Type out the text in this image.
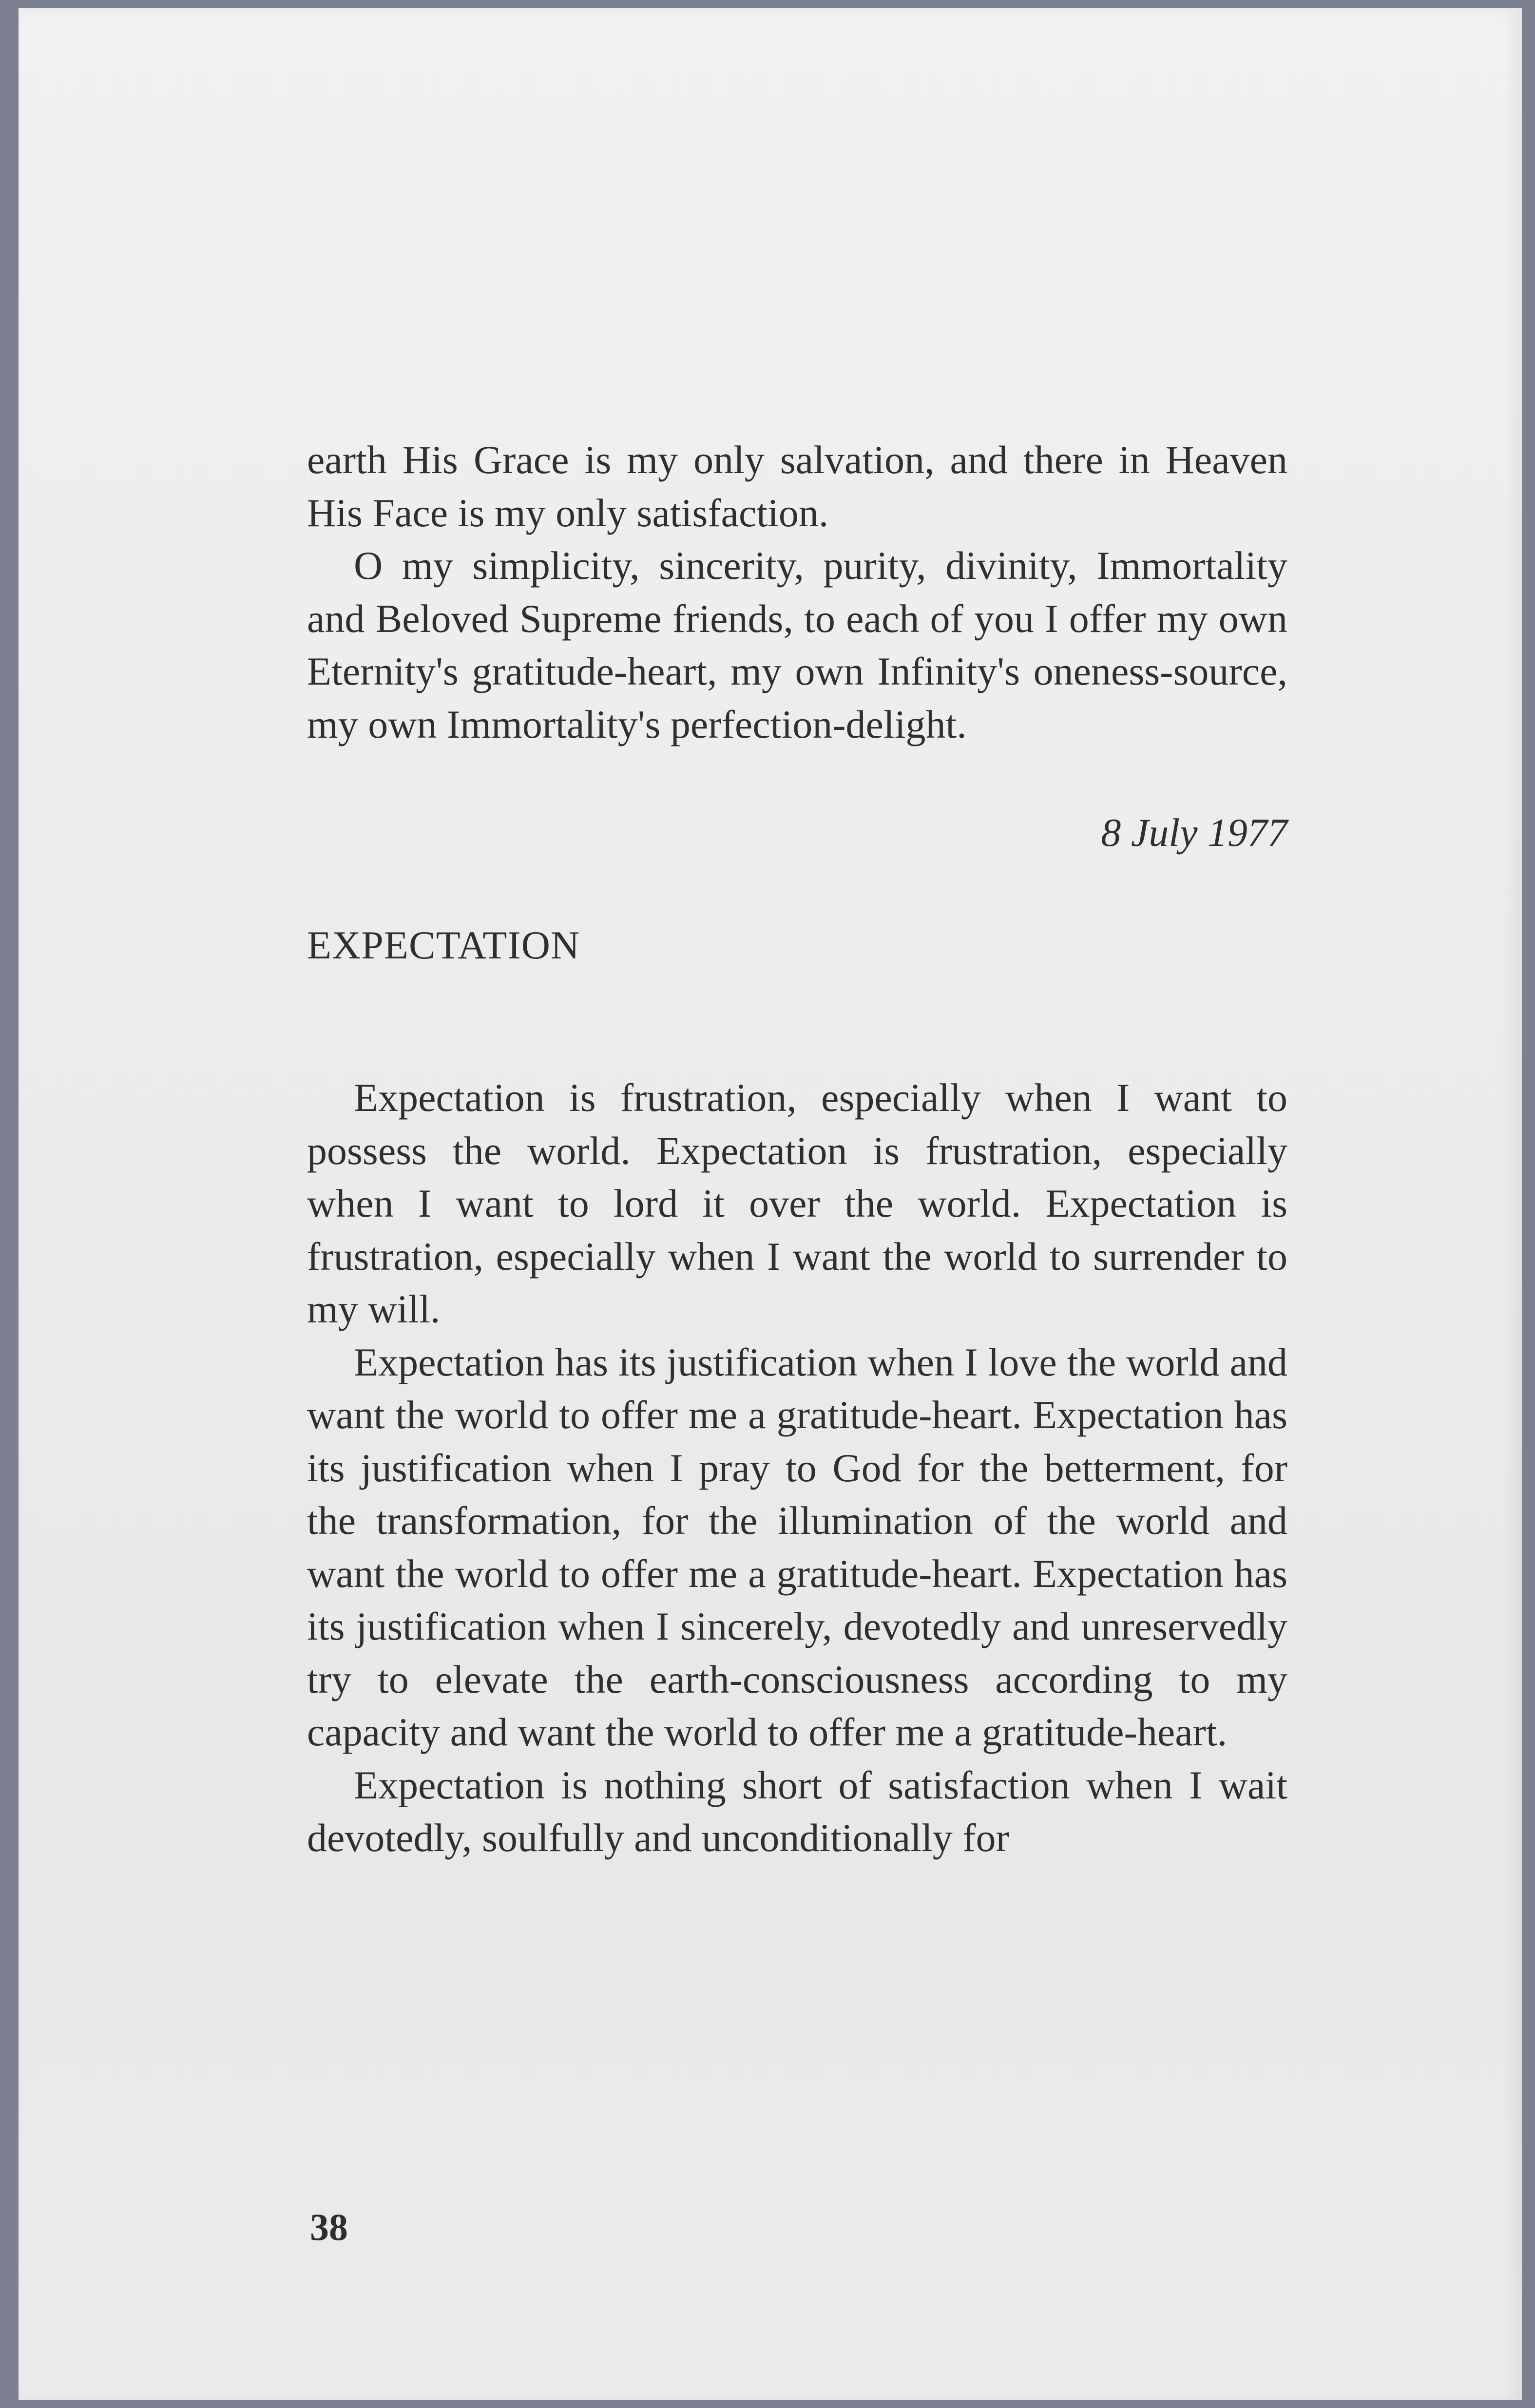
earth His Grace is my only salvation, and there in Heaven His Face is my only satisfaction.

O my simplicity, sincerity, purity, divinity, Immortality and Beloved Supreme friends, to each of you I offer my own Eternity's gratitude-heart, my own Infinity's oneness-source, my own Immortality's perfection-delight.

8 July 1977

EXPECTATION

Expectation is frustration, especially when I want to possess the world. Expectation is frustration, especially when I want to lord it over the world. Expectation is frustration, especially when I want the world to surrender to my will.

Expectation has its justification when I love the world and want the world to offer me a gratitude-heart. Expectation has its justification when I pray to God for the betterment, for the transformation, for the illumination of the world and want the world to offer me a gratitude-heart. Expectation has its justification when I sincerely, devotedly and unreservedly try to elevate the earth-consciousness according to my capacity and want the world to offer me a gratitude-heart.

Expectation is nothing short of satisfaction when I wait devotedly, soulfully and unconditionally for

38
